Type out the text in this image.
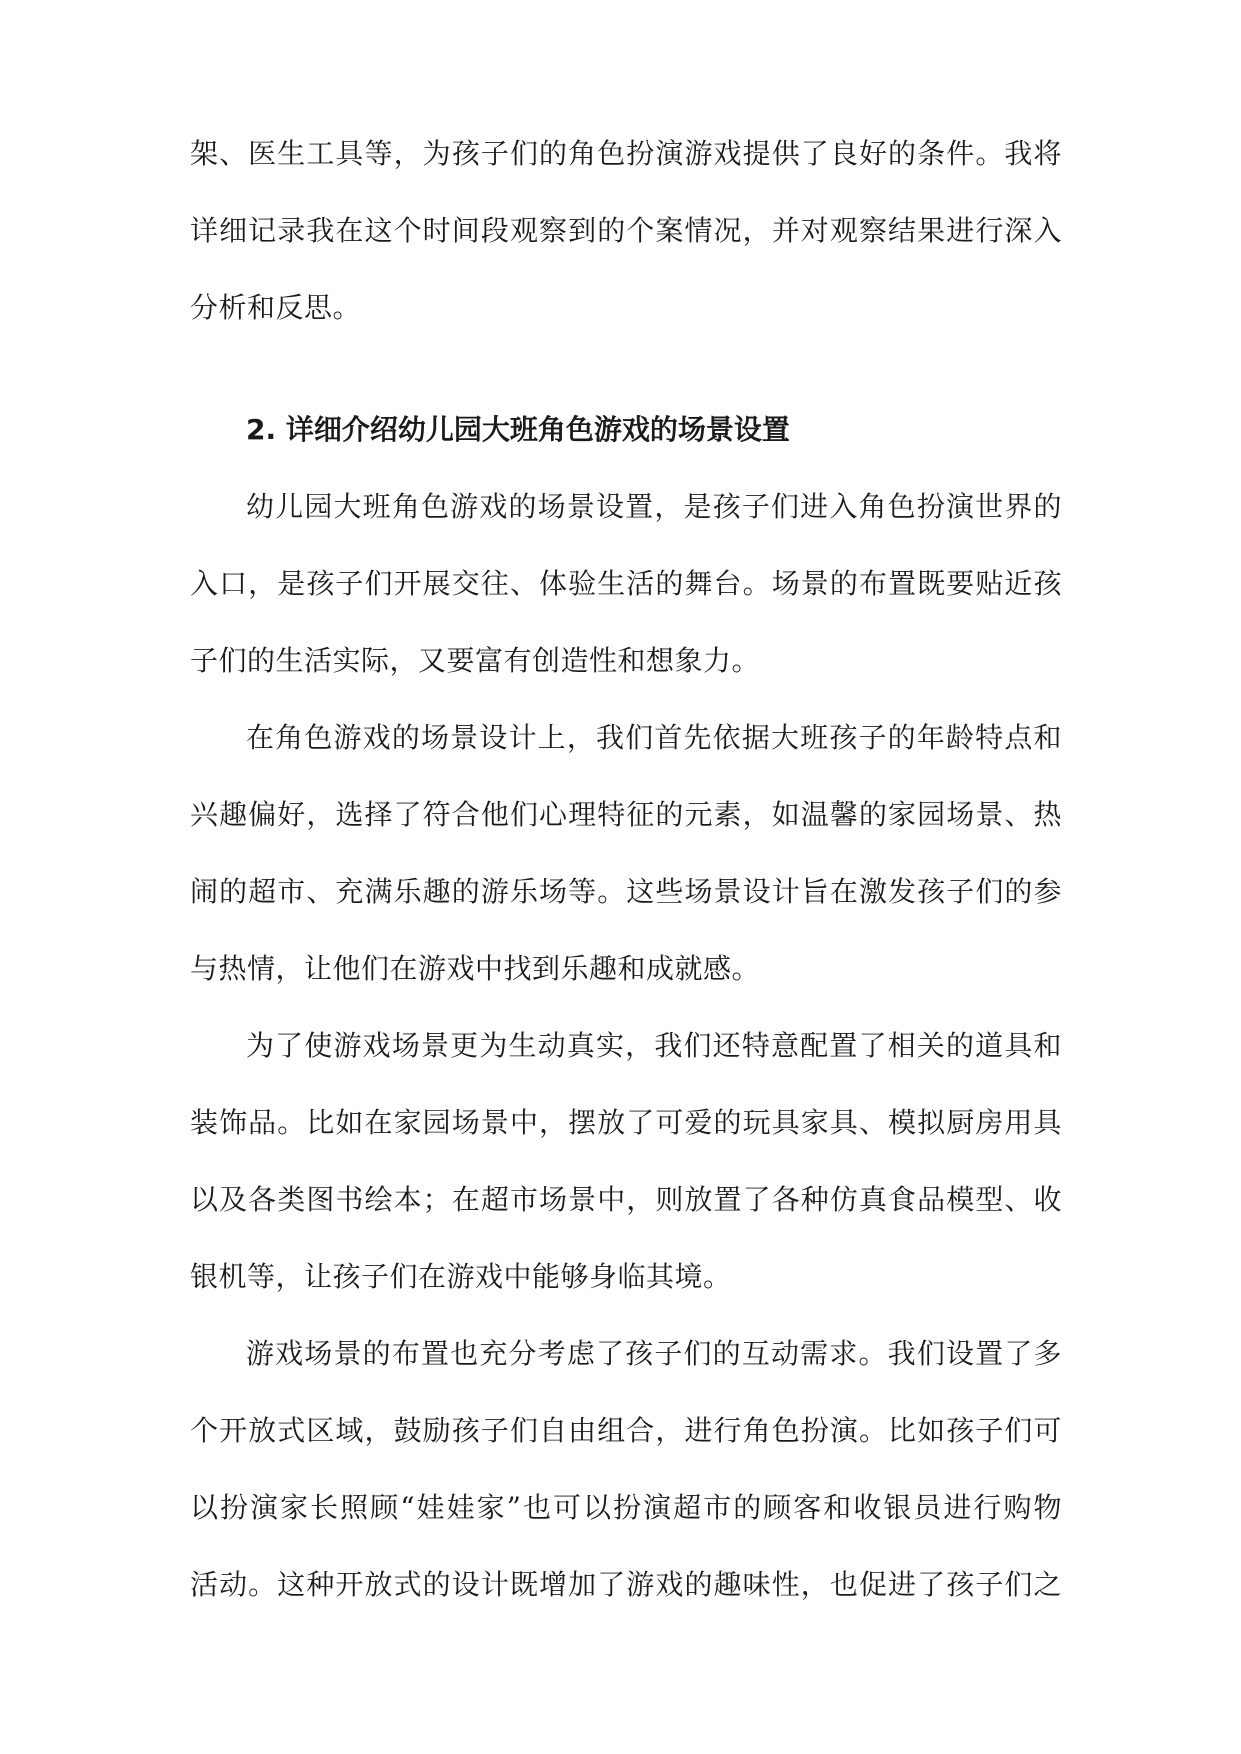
架、医生工具等，为孩子们的角色扮演游戏提供了良好的条件。我将
详细记录我在这个时间段观察到的个案情况，并对观察结果进行深入
分析和反思。
2. 详细介绍幼儿园大班角色游戏的场景设置
幼儿园大班角色游戏的场景设置，是孩子们进入角色扮演世界的
入口，是孩子们开展交往、体验生活的舞台。场景的布置既要贴近孩
子们的生活实际，又要富有创造性和想象力。
在角色游戏的场景设计上，我们首先依据大班孩子的年龄特点和
兴趣偏好，选择了符合他们心理特征的元素，如温馨的家园场景、热
闹的超市、充满乐趣的游乐场等。这些场景设计旨在激发孩子们的参
与热情，让他们在游戏中找到乐趣和成就感。
为了使游戏场景更为生动真实，我们还特意配置了相关的道具和
装饰品。比如在家园场景中，摆放了可爱的玩具家具、模拟厨房用具
以及各类图书绘本；在超市场景中，则放置了各种仿真食品模型、收
银机等，让孩子们在游戏中能够身临其境。
游戏场景的布置也充分考虑了孩子们的互动需求。我们设置了多
个开放式区域，鼓励孩子们自由组合，进行角色扮演。比如孩子们可
以扮演家长照顾“娃娃家”也可以扮演超市的顾客和收银员进行购物
活动。这种开放式的设计既增加了游戏的趣味性，也促进了孩子们之
